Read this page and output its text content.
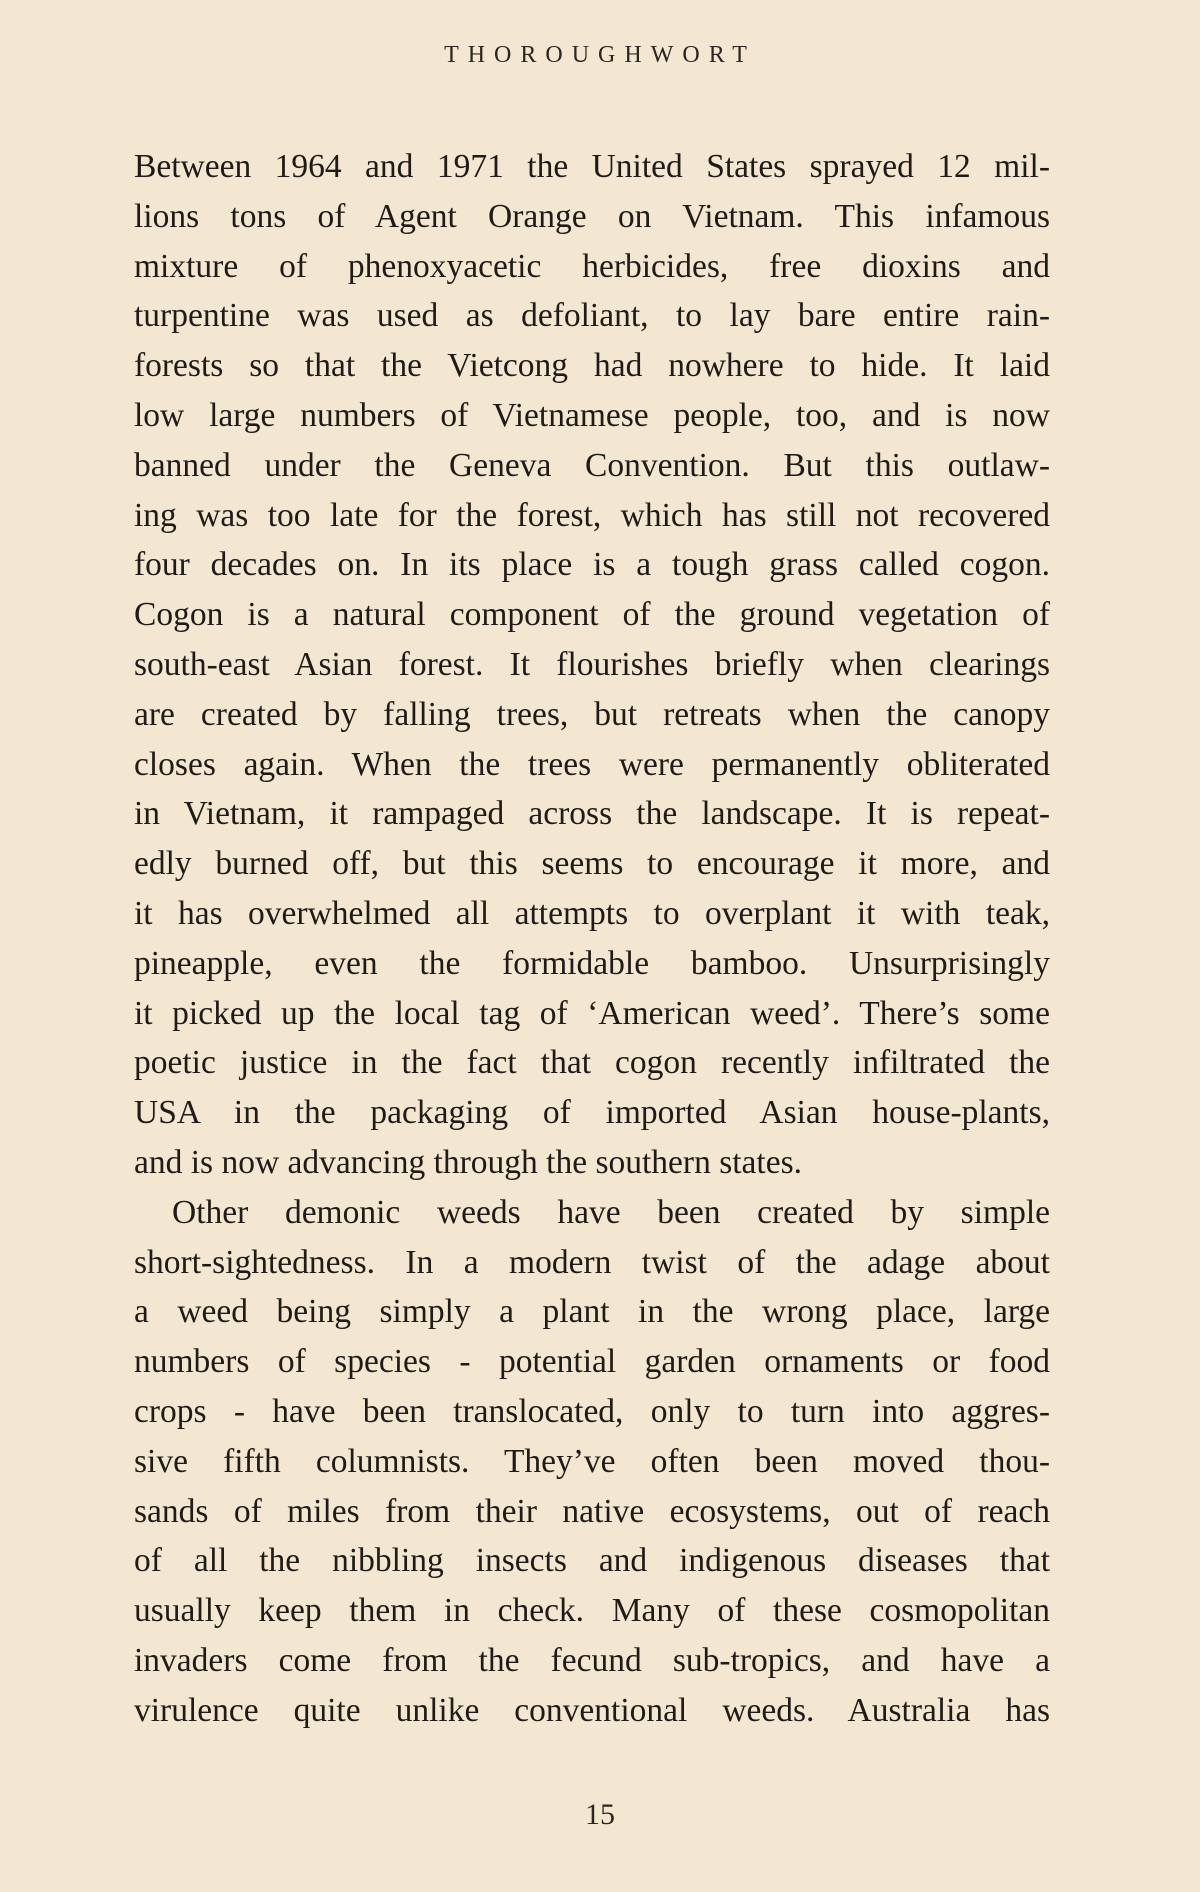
THOROUGHWORT
Between 1964 and 1971 the United States sprayed 12 mil-
lions tons of Agent Orange on Vietnam. This infamous
mixture of phenoxyacetic herbicides, free dioxins and
turpentine was used as defoliant, to lay bare entire rain-
forests so that the Vietcong had nowhere to hide. It laid
low large numbers of Vietnamese people, too, and is now
banned under the Geneva Convention. But this outlaw-
ing was too late for the forest, which has still not recovered
four decades on. In its place is a tough grass called cogon.
Cogon is a natural component of the ground vegetation of
south-east Asian forest. It flourishes briefly when clearings
are created by falling trees, but retreats when the canopy
closes again. When the trees were permanently obliterated
in Vietnam, it rampaged across the landscape. It is repeat-
edly burned off, but this seems to encourage it more, and
it has overwhelmed all attempts to overplant it with teak,
pineapple, even the formidable bamboo. Unsurprisingly
it picked up the local tag of ‘American weed’. There’s some
poetic justice in the fact that cogon recently infiltrated the
USA in the packaging of imported Asian house-plants,
and is now advancing through the southern states.
Other demonic weeds have been created by simple
short-sightedness. In a modern twist of the adage about
a weed being simply a plant in the wrong place, large
numbers of species - potential garden ornaments or food
crops - have been translocated, only to turn into aggres-
sive fifth columnists. They’ve often been moved thou-
sands of miles from their native ecosystems, out of reach
of all the nibbling insects and indigenous diseases that
usually keep them in check. Many of these cosmopolitan
invaders come from the fecund sub-tropics, and have a
virulence quite unlike conventional weeds. Australia has
15
